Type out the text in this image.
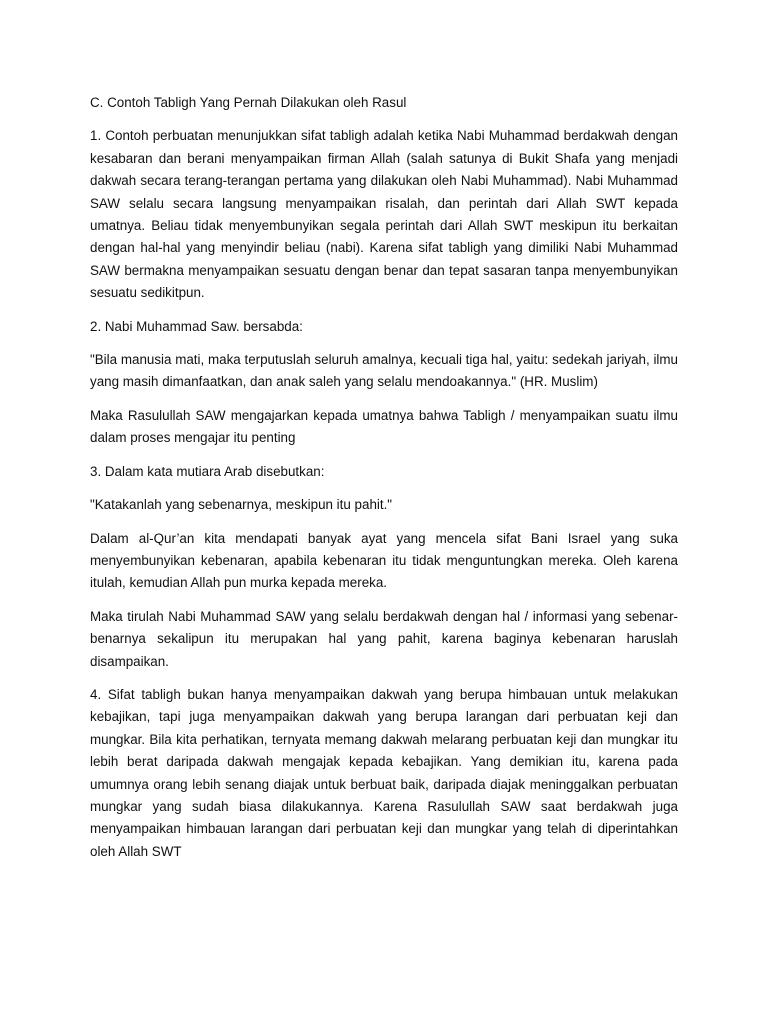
C. Contoh Tabligh Yang Pernah Dilakukan oleh Rasul

1. Contoh perbuatan menunjukkan sifat tabligh adalah ketika Nabi Muhammad berdakwah dengan kesabaran dan berani menyampaikan firman Allah (salah satunya di Bukit Shafa yang menjadi dakwah secara terang-terangan pertama yang dilakukan oleh Nabi Muhammad). Nabi Muhammad SAW selalu secara langsung menyampaikan risalah, dan perintah dari Allah SWT kepada umatnya. Beliau tidak menyembunyikan segala perintah dari Allah SWT meskipun itu berkaitan dengan hal-hal yang menyindir beliau (nabi). Karena sifat tabligh yang dimiliki Nabi Muhammad SAW bermakna menyampaikan sesuatu dengan benar dan tepat sasaran tanpa menyembunyikan sesuatu sedikitpun.

2. Nabi Muhammad Saw. bersabda:

"Bila manusia mati, maka terputuslah seluruh amalnya, kecuali tiga hal, yaitu: sedekah jariyah, ilmu yang masih dimanfaatkan, dan anak saleh yang selalu mendoakannya." (HR. Muslim)

Maka Rasulullah SAW mengajarkan kepada umatnya bahwa Tabligh / menyampaikan suatu ilmu dalam proses mengajar itu penting

3. Dalam kata mutiara Arab disebutkan:

"Katakanlah yang sebenarnya, meskipun itu pahit."

Dalam al-Qur’an kita mendapati banyak ayat yang mencela sifat Bani Israel yang suka menyembunyikan kebenaran, apabila kebenaran itu tidak menguntungkan mereka. Oleh karena itulah, kemudian Allah pun murka kepada mereka.

Maka tirulah Nabi Muhammad SAW yang selalu berdakwah dengan hal / informasi yang sebenar-benarnya sekalipun itu merupakan hal yang pahit, karena baginya kebenaran haruslah disampaikan.

4. Sifat tabligh bukan hanya menyampaikan dakwah yang berupa himbauan untuk melakukan kebajikan, tapi juga menyampaikan dakwah yang berupa larangan dari perbuatan keji dan mungkar. Bila kita perhatikan, ternyata memang dakwah melarang perbuatan keji dan mungkar itu lebih berat daripada dakwah mengajak kepada kebajikan. Yang demikian itu, karena pada umumnya orang lebih senang diajak untuk berbuat baik, daripada diajak meninggalkan perbuatan mungkar yang sudah biasa dilakukannya. Karena Rasulullah SAW saat berdakwah juga menyampaikan himbauan larangan dari perbuatan keji dan mungkar yang telah di diperintahkan oleh Allah SWT
